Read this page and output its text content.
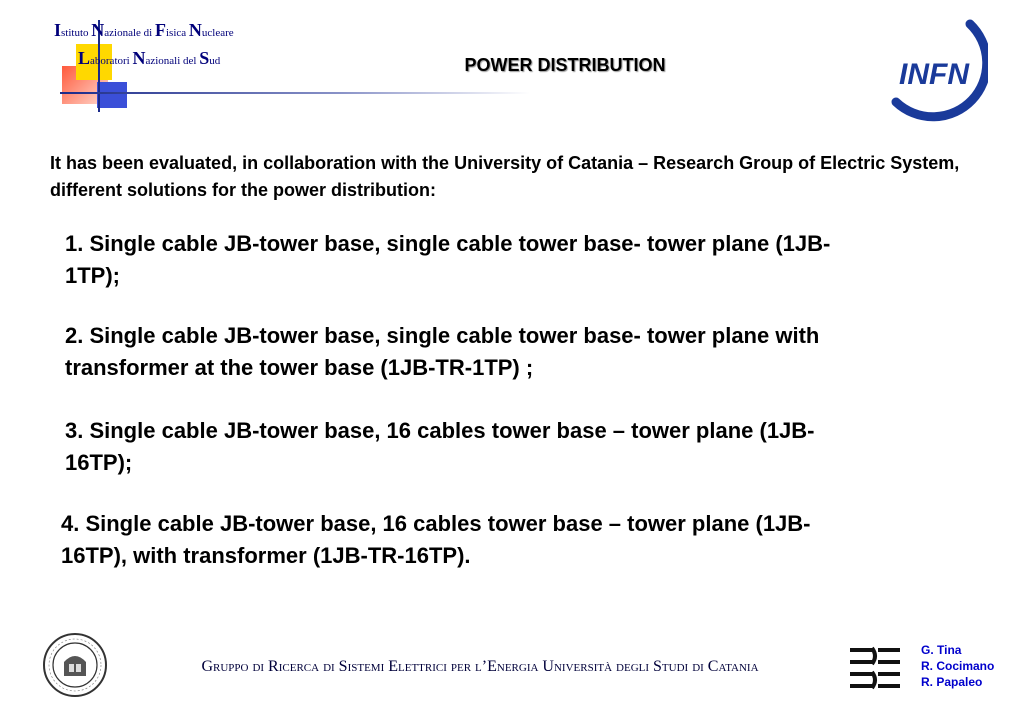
Istituto Nazionale di Fisica Nucleare
Laboratori Nazionali del Sud	POWER DISTRIBUTION	INFN
It has been evaluated, in collaboration with the University of Catania – Research Group of Electric System, different solutions for the power distribution:
1. Single cable JB-tower base, single cable tower base- tower plane (1JB-1TP);
2. Single cable JB-tower base, single cable tower base- tower plane with transformer at the tower base (1JB-TR-1TP) ;
3. Single cable JB-tower base, 16 cables tower base – tower plane (1JB-16TP);
4. Single cable JB-tower base, 16 cables tower base – tower plane (1JB-16TP), with transformer (1JB-TR-16TP).
Gruppo di Ricerca di Sistemi Elettrici per l’Energia Università degli Studi di Catania
G. Tina
R. Cocimano
R. Papaleo
